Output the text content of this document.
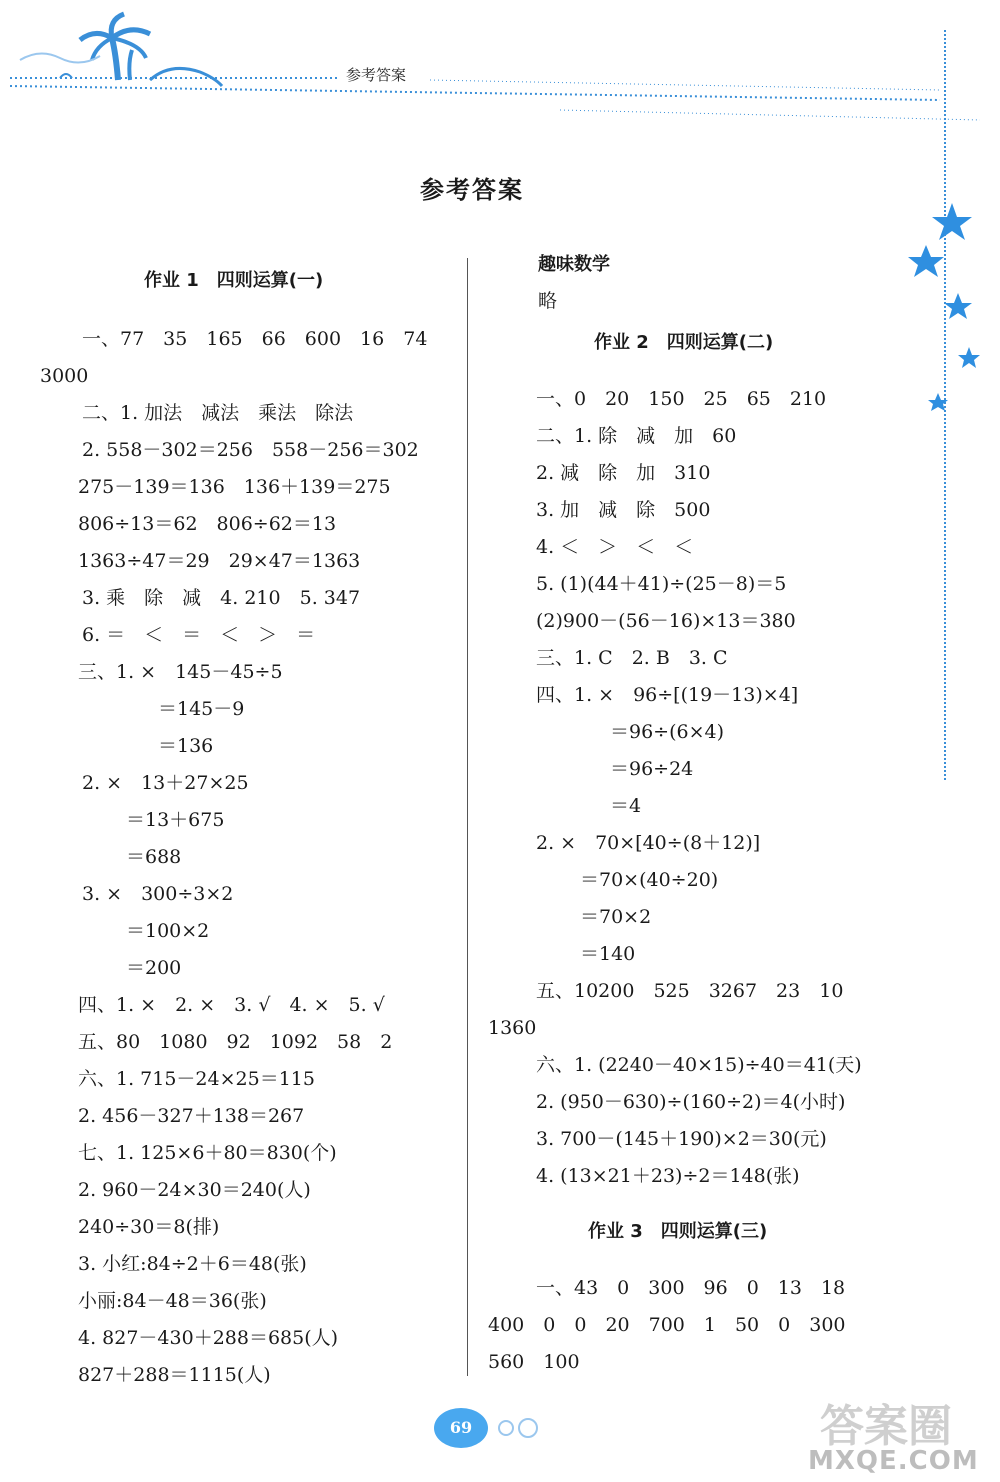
参考答案
参考答案
作业 1　四则运算(一)
一、77　35　165　66　600　16　74
3000
二、1. 加法　减法　乘法　除法
2. 558－302＝256　558－256＝302
275－139＝136　136＋139＝275
806÷13＝62　806÷62＝13
1363÷47＝29　29×47＝1363
3. 乘　除　减　4. 210　5. 347
6. ＝　＜　＝　＜　＞　＝
三、1. ×　145－45÷5
＝145－9
＝136
2. ×　13＋27×25
＝13＋675
＝688
3. ×　300÷3×2
＝100×2
＝200
四、1. ×　2. ×　3. √　4. ×　5. √
五、80　1080　92　1092　58　2
六、1. 715－24×25＝115
2. 456－327＋138＝267
七、1. 125×6＋80＝830(个)
2. 960－24×30＝240(人)
240÷30＝8(排)
3. 小红:84÷2＋6＝48(张)
小丽:84－48＝36(张)
4. 827－430＋288＝685(人)
827＋288＝1115(人)
趣味数学
略
作业 2　四则运算(二)
一、0　20　150　25　65　210
二、1. 除　减　加　60
2. 减　除　加　310
3. 加　减　除　500
4. ＜　＞　＜　＜
5. (1)(44＋41)÷(25－8)＝5
(2)900－(56－16)×13＝380
三、1. C　2. B　3. C
四、1. ×　96÷[(19－13)×4]
＝96÷(6×4)
＝96÷24
＝4
2. ×　70×[40÷(8＋12)]
＝70×(40÷20)
＝70×2
＝140
五、10200　525　3267　23　10
1360
六、1. (2240－40×15)÷40＝41(天)
2. (950－630)÷(160÷2)＝4(小时)
3. 700－(145＋190)×2＝30(元)
4. (13×21＋23)÷2＝148(张)
作业 3　四则运算(三)
一、43　0　300　96　0　13　18
400　0　0　20　700　1　50　0　300
560　100
69	答案圈
MXQE.COM
